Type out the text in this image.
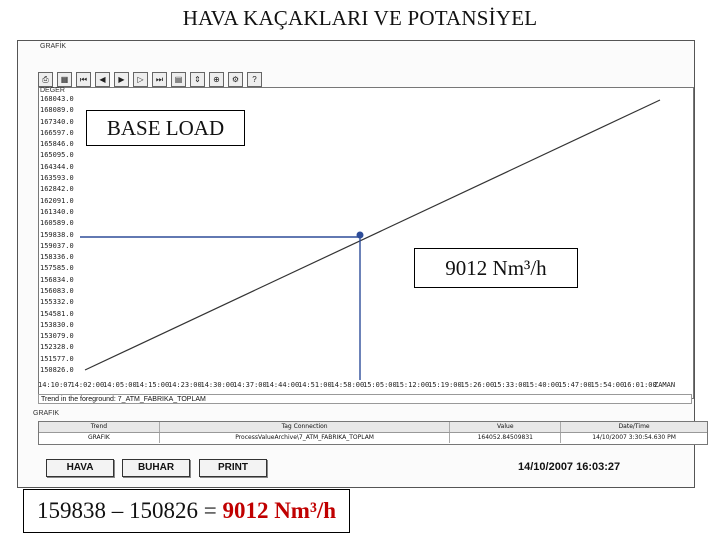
HAVA KAÇAKLARI VE POTANSİYEL
GRAFİK
⎙	▦	⏮	◀	▶	▷	⏭	▤	⇕	⊕	⚙	?
DEGER
168043.0
168089.0
167340.0
166597.0
165846.0
165095.0
164344.0
163593.0
162842.0
162091.0
161340.0
160589.0
159838.0
159037.0
158336.0
157585.0
156834.0
156083.0
155332.0
154581.0
153830.0
153079.0
152328.0
151577.0
150826.0
14:10:07
14:02:00
14:05:00
14:15:00
14:23:00
14:30:00
14:37:00
14:44:00
14:51:00
14:58:00
15:05:00
15:12:00
15:19:00
15:26:00
15:33:00
15:40:00
15:47:00
15:54:00
16:01:00
ZAMAN
Trend in the foreground: 7_ATM_FABRIKA_TOPLAM
GRAFIK
Trend	Tag Connection	Value	Date/Time
GRAFIK	ProcessValueArchive\7_ATM_FABRIKA_TOPLAM	164052.84509831	14/10/2007 3:30:54.630 PM
HAVA	BUHAR	PRINT	14/10/2007 16:03:27
BASE LOAD
9012 Nm³/h
159838 – 150826 = 9012 Nm³/h
